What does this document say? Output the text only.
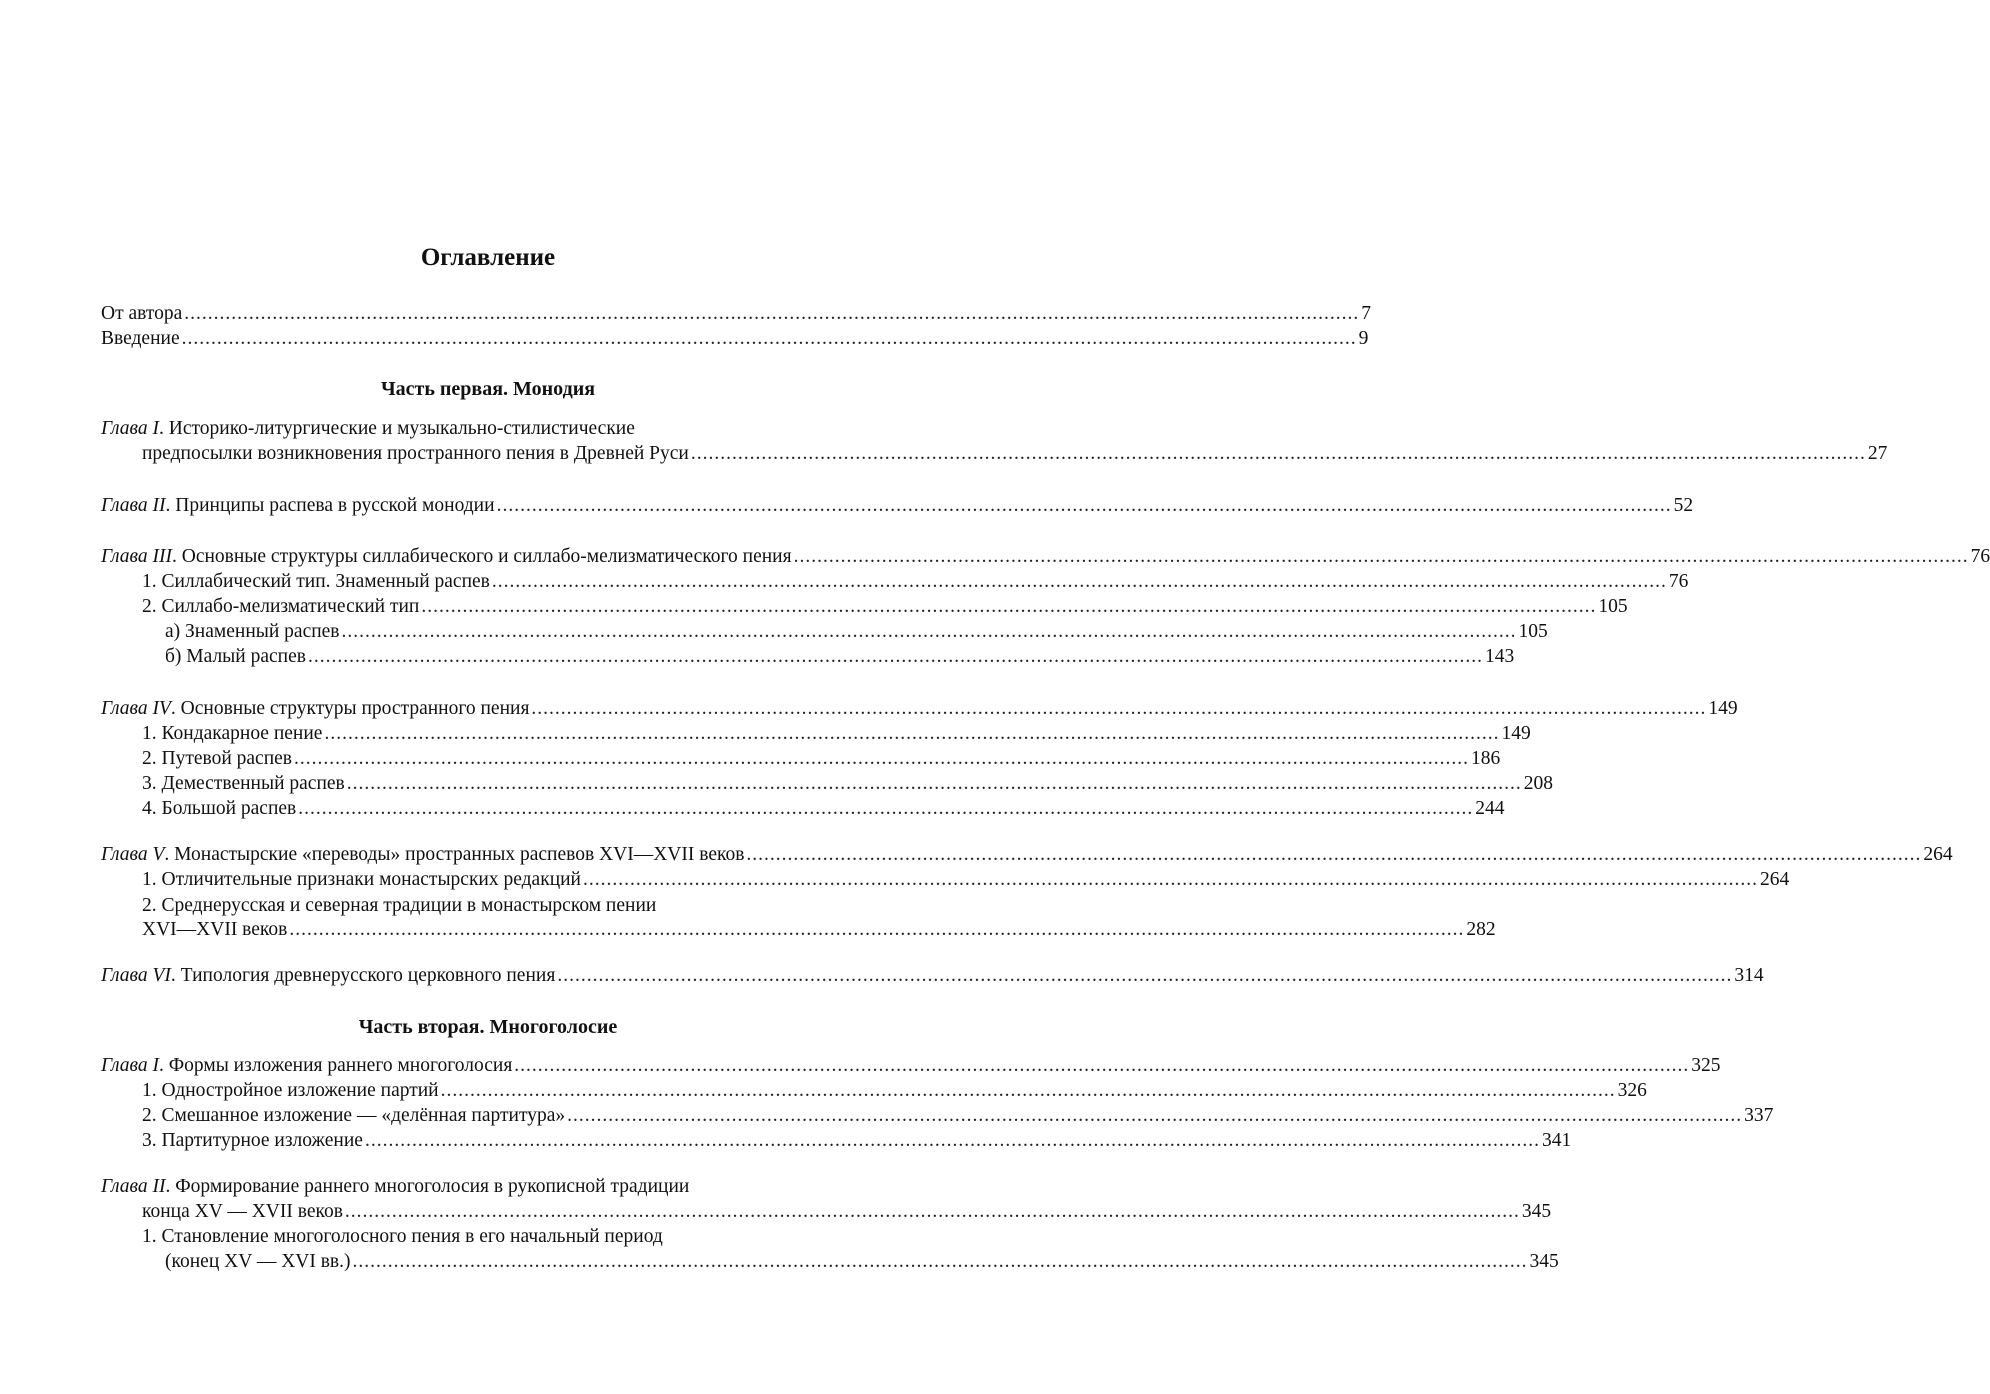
Оглавление
От автора ........................................................................................................................................................................................................ 7
Введение ........................................................................................................................................................................................................ 9
Часть первая. Монодия
Глава I. Историко-литургические и музыкально-стилистические
предпосылки возникновения пространного пения в Древней Руси ........................................................................................................................................................................................................ 27
Глава II. Принципы распева в русской монодии ........................................................................................................................................................................................................ 52
Глава III. Основные структуры силлабического и силлабо-мелизматического пения ........................................................................................................................................................................................................ 76
1. Силлабический тип. Знаменный распев ........................................................................................................................................................................................................ 76
2. Силлабо-мелизматический тип ........................................................................................................................................................................................................ 105
а) Знаменный распев ........................................................................................................................................................................................................ 105
б) Малый распев ........................................................................................................................................................................................................ 143
Глава IV. Основные структуры пространного пения ........................................................................................................................................................................................................ 149
1. Кондакарное пение ........................................................................................................................................................................................................ 149
2. Путевой распев ........................................................................................................................................................................................................ 186
3. Демественный распев ........................................................................................................................................................................................................ 208
4. Большой распев ........................................................................................................................................................................................................ 244
Глава V. Монастырские «переводы» пространных распевов XVI—XVII веков ........................................................................................................................................................................................................ 264
1. Отличительные признаки монастырских редакций ........................................................................................................................................................................................................ 264
2. Среднерусская и северная традиции в монастырском пении
XVI—XVII веков ........................................................................................................................................................................................................ 282
Глава VI. Типология древнерусского церковного пения ........................................................................................................................................................................................................ 314
Часть вторая. Многоголосие
Глава I. Формы изложения раннего многоголосия ........................................................................................................................................................................................................ 325
1. Одностройное изложение партий ........................................................................................................................................................................................................ 326
2. Смешанное изложение — «делённая партитура» ........................................................................................................................................................................................................ 337
3. Партитурное изложение ........................................................................................................................................................................................................ 341
Глава II. Формирование раннего многоголосия в рукописной традиции
конца XV — XVII веков ........................................................................................................................................................................................................ 345
1. Становление многоголосного пения в его начальный период
(конец XV — XVI вв.) ........................................................................................................................................................................................................ 345
